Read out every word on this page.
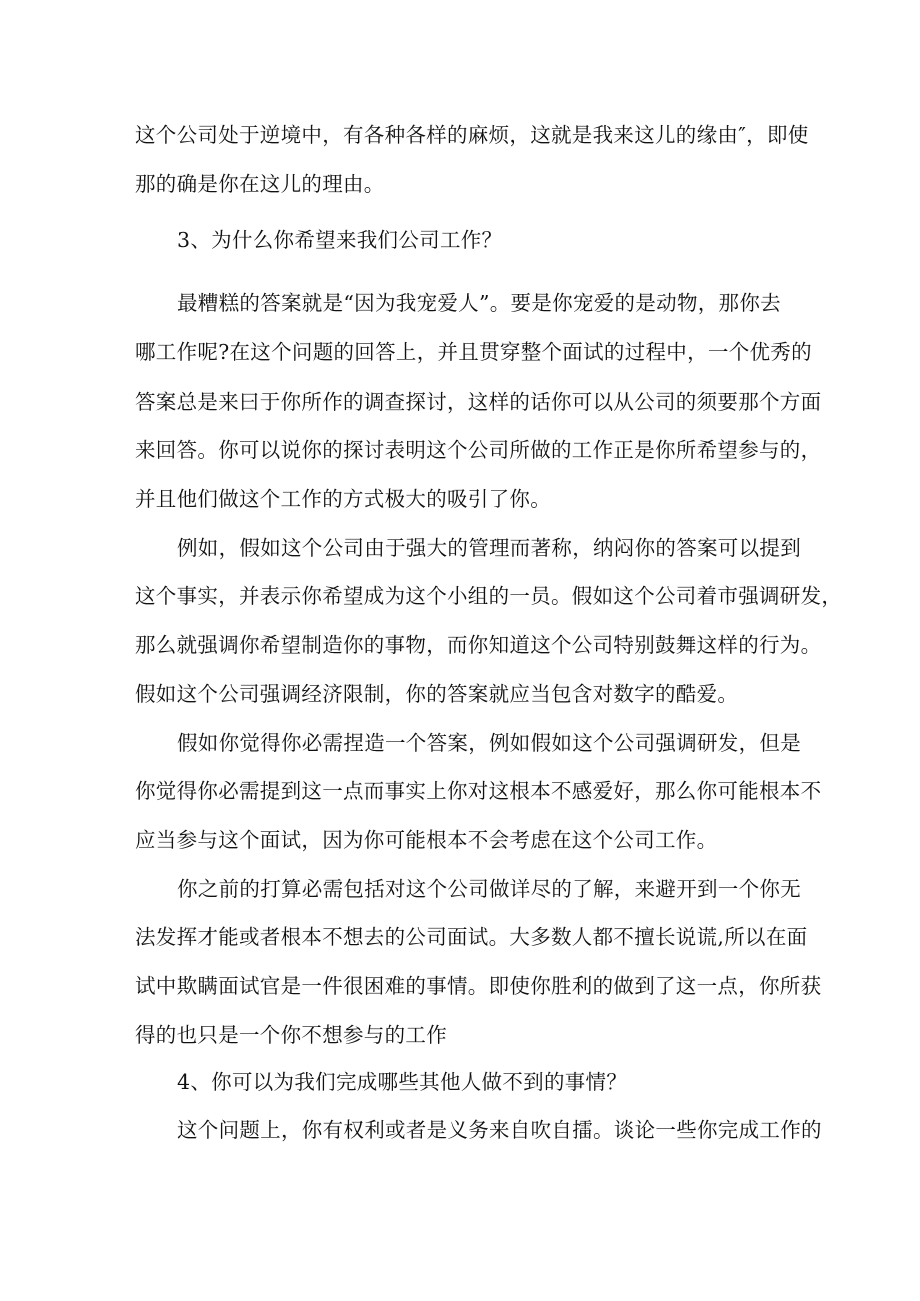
这个公司处于逆境中，有各种各样的麻烦，这就是我来这儿的缘由″，即使
那的确是你在这儿的理由。
3、为什么你希望来我们公司工作？
最糟糕的答案就是“因为我宠爱人”。要是你宠爱的是动物，那你去
哪工作呢?在这个问题的回答上，并且贯穿整个面试的过程中，一个优秀的
答案总是来曰于你所作的调查探讨，这样的话你可以从公司的须要那个方面
来回答。你可以说你的探讨表明这个公司所做的工作正是你所希望参与的，
并且他们做这个工作的方式极大的吸引了你。
例如，假如这个公司由于强大的管理而著称，纳闷你的答案可以提到
这个事实，并表示你希望成为这个小组的一员。假如这个公司着市强调研发，
那么就强调你希望制造你的事物，而你知道这个公司特别鼓舞这样的行为。
假如这个公司强调经济限制，你的答案就应当包含对数字的酷爱。
假如你觉得你必需捏造一个答案，例如假如这个公司强调研发，但是
你觉得你必需提到这一点而事实上你对这根本不感爱好，那么你可能根本不
应当参与这个面试，因为你可能根本不会考虑在这个公司工作。
你之前的打算必需包括对这个公司做详尽的了解，来避开到一个你无
法发挥才能或者根本不想去的公司面试。大多数人都不擅长说谎,所以在面
试中欺瞒面试官是一件很困难的事情。即使你胜利的做到了这一点，你所获
得的也只是一个你不想参与的工作
4、你可以为我们完成哪些其他人做不到的事情？
这个问题上，你有权利或者是义务来自吹自擂。谈论一些你完成工作的
